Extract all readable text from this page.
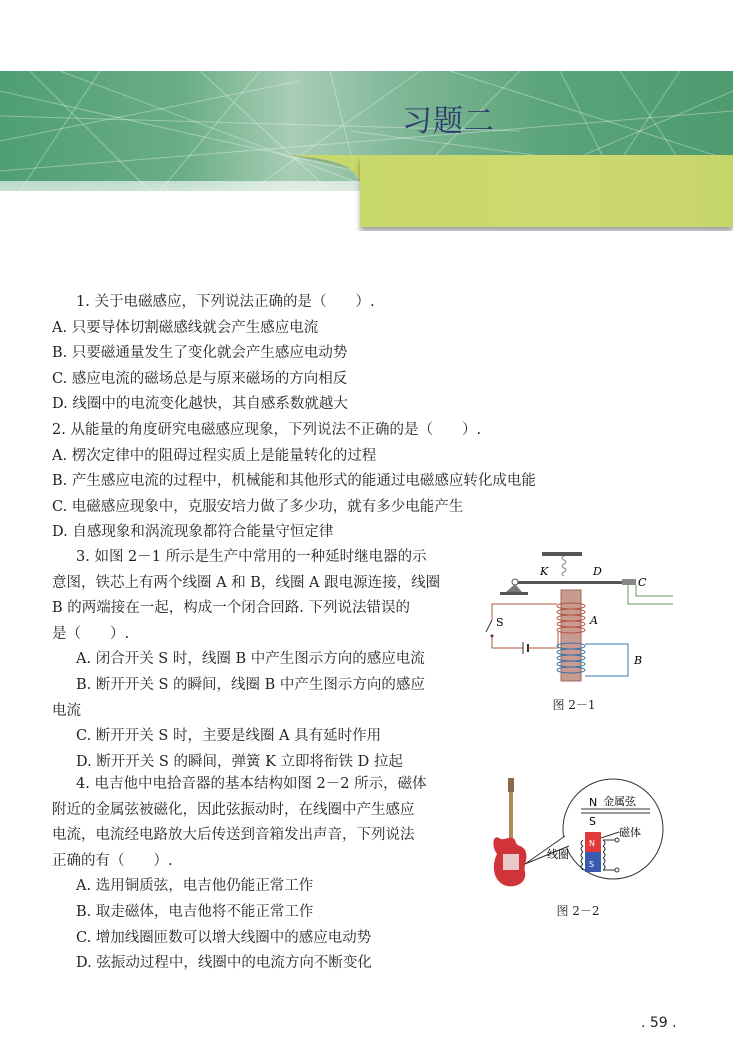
习题二
1. 关于电磁感应，下列说法正确的是（　　）.
A. 只要导体切割磁感线就会产生感应电流
B. 只要磁通量发生了变化就会产生感应电动势
C. 感应电流的磁场总是与原来磁场的方向相反
D. 线圈中的电流变化越快，其自感系数就越大
2. 从能量的角度研究电磁感应现象，下列说法不正确的是（　　）.
A. 楞次定律中的阻碍过程实质上是能量转化的过程
B. 产生感应电流的过程中，机械能和其他形式的能通过电磁感应转化成电能
C. 电磁感应现象中，克服安培力做了多少功，就有多少电能产生
D. 自感现象和涡流现象都符合能量守恒定律
3. 如图 2－1 所示是生产中常用的一种延时继电器的示
意图，铁芯上有两个线圈 A 和 B，线圈 A 跟电源连接，线圈
B 的两端接在一起，构成一个闭合回路. 下列说法错误的
是（　　）.
A. 闭合开关 S 时，线圈 B 中产生图示方向的感应电流
B. 断开开关 S 的瞬间，线圈 B 中产生图示方向的感应
电流
C. 断开开关 S 时，主要是线圈 A 具有延时作用
D. 断开开关 S 的瞬间，弹簧 K 立即将衔铁 D 拉起
K	D
C
S	A
B
图 2－1
4. 电吉他中电拾音器的基本结构如图 2－2 所示，磁体
附近的金属弦被磁化，因此弦振动时，在线圈中产生感应
电流，电流经电路放大后传送到音箱发出声音，下列说法
正确的有（　　）.
A. 选用铜质弦，电吉他仍能正常工作
B. 取走磁体，电吉他将不能正常工作
C. 增加线圈匝数可以增大线圈中的感应电动势
D. 弦振动过程中，线圈中的电流方向不断变化
N 金属弦
S
N
S
磁体
线圈
图 2－2
. 59 .
